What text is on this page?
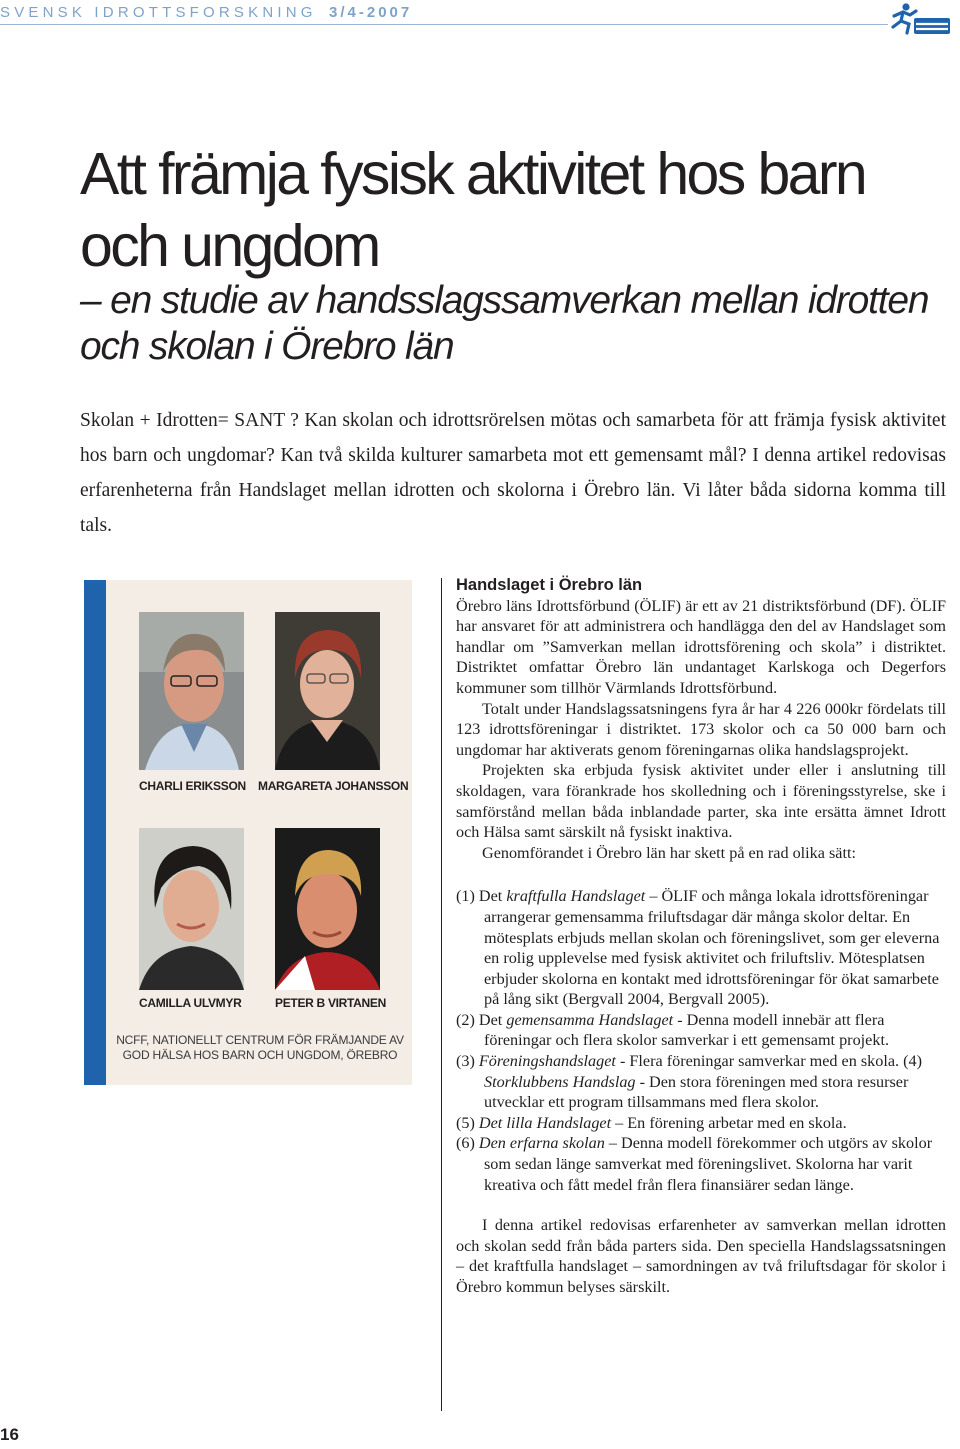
SVENSK IDROTTSFORSKNING 3/4-2007
Att främja fysisk aktivitet hos barn och ungdom
– en studie av handsslagssamverkan mellan idrotten och skolan i Örebro län

Skolan + Idrotten= SANT ? Kan skolan och idrottsrörelsen mötas och samarbeta för att främja fysisk aktivitet hos barn och ungdomar? Kan två skilda kulturer samarbeta mot ett gemensamt mål? I denna artikel redovisas erfarenheterna från Handslaget mellan idrotten och skolorna i Örebro län. Vi låter båda sidorna komma till tals.

CHARLI ERIKSSON MARGARETA JOHANSSON
CAMILLA ULVMYR	PETER B VIRTANEN
NCFF, NATIONELLT CENTRUM FÖR FRÄMJANDE AV GOD HÄLSA HOS BARN OCH UNGDOM, ÖREBRO
Handslaget i Örebro län

Örebro läns Idrottsförbund (ÖLIF) är ett av 21 distriktsförbund (DF). ÖLIF har ansvaret för att administrera och handlägga den del av Handslaget som handlar om ”Samverkan mellan idrottsförening och skola” i distriktet. Distriktet omfattar Örebro län undantaget Karlskoga och Degerfors kommuner som tillhör Värmlands Idrottsförbund.

Totalt under Handslagssatsningens fyra år har 4 226 000kr fördelats till 123 idrottsföreningar i distriktet. 173 skolor och ca 50 000 barn och ungdomar har aktiverats genom föreningarnas olika handslagsprojekt.

Projekten ska erbjuda fysisk aktivitet under eller i anslutning till skoldagen, vara förankrade hos skolledning och i föreningsstyrelse, ske i samförstånd mellan båda inblandade parter, ska inte ersätta ämnet Idrott och Hälsa samt särskilt nå fysiskt inaktiva.

Genomförandet i Örebro län har skett på en rad olika sätt:

(1) Det kraftfulla Handslaget – ÖLIF och många lokala idrottsföreningar arrangerar gemensamma friluftsdagar där många skolor deltar. En mötesplats erbjuds mellan skolan och föreningslivet, som ger eleverna en rolig upplevelse med fysisk aktivitet och friluftsliv. Mötesplatsen erbjuder skolorna en kontakt med idrottsföreningar för ökat samarbete på lång sikt (Bergvall 2004, Bergvall 2005).
(2) Det gemensamma Handslaget - Denna modell innebär att flera föreningar och flera skolor samverkar i ett gemensamt projekt.
(3) Föreningshandslaget - Flera föreningar samverkar med en skola. (4) Storklubbens Handslag - Den stora föreningen med stora resurser utvecklar ett program tillsammans med flera skolor.
(5) Det lilla Handslaget – En förening arbetar med en skola.
(6) Den erfarna skolan – Denna modell förekommer och utgörs av skolor som sedan länge samverkat med föreningslivet. Skolorna har varit kreativa och fått medel från flera finansiärer sedan länge.

I denna artikel redovisas erfarenheter av samverkan mellan idrotten och skolan sedd från båda parters sida. Den speciella Handslagssatsningen – det kraftfulla handslaget – samordningen av två friluftsdagar för skolor i Örebro kommun belyses särskilt.

16
